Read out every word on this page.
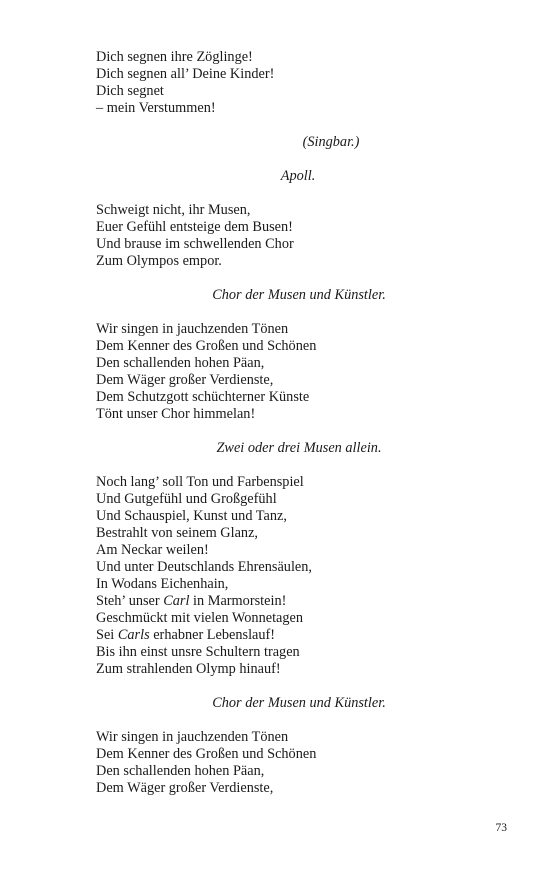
Dich segnen ihre Zöglinge!
Dich segnen all’ Deine Kinder!
Dich segnet
– mein Verstummen!
(Singbar.)
Apoll.
Schweigt nicht, ihr Musen,
Euer Gefühl entsteige dem Busen!
Und brause im schwellenden Chor
Zum Olympos empor.
Chor der Musen und Künstler.
Wir singen in jauchzenden Tönen
Dem Kenner des Großen und Schönen
Den schallenden hohen Päan,
Dem Wäger großer Verdienste,
Dem Schutzgott schüchterner Künste
Tönt unser Chor himmelan!
Zwei oder drei Musen allein.
Noch lang’ soll Ton und Farbenspiel
Und Gutgefühl und Großgefühl
Und Schauspiel, Kunst und Tanz,
Bestrahlt von seinem Glanz,
Am Neckar weilen!
Und unter Deutschlands Ehrensäulen,
In Wodans Eichenhain,
Steh’ unser Carl in Marmorstein!
Geschmückt mit vielen Wonnetagen
Sei Carls erhabner Lebenslauf!
Bis ihn einst unsre Schultern tragen
Zum strahlenden Olymp hinauf!
Chor der Musen und Künstler.
Wir singen in jauchzenden Tönen
Dem Kenner des Großen und Schönen
Den schallenden hohen Päan,
Dem Wäger großer Verdienste,
73
